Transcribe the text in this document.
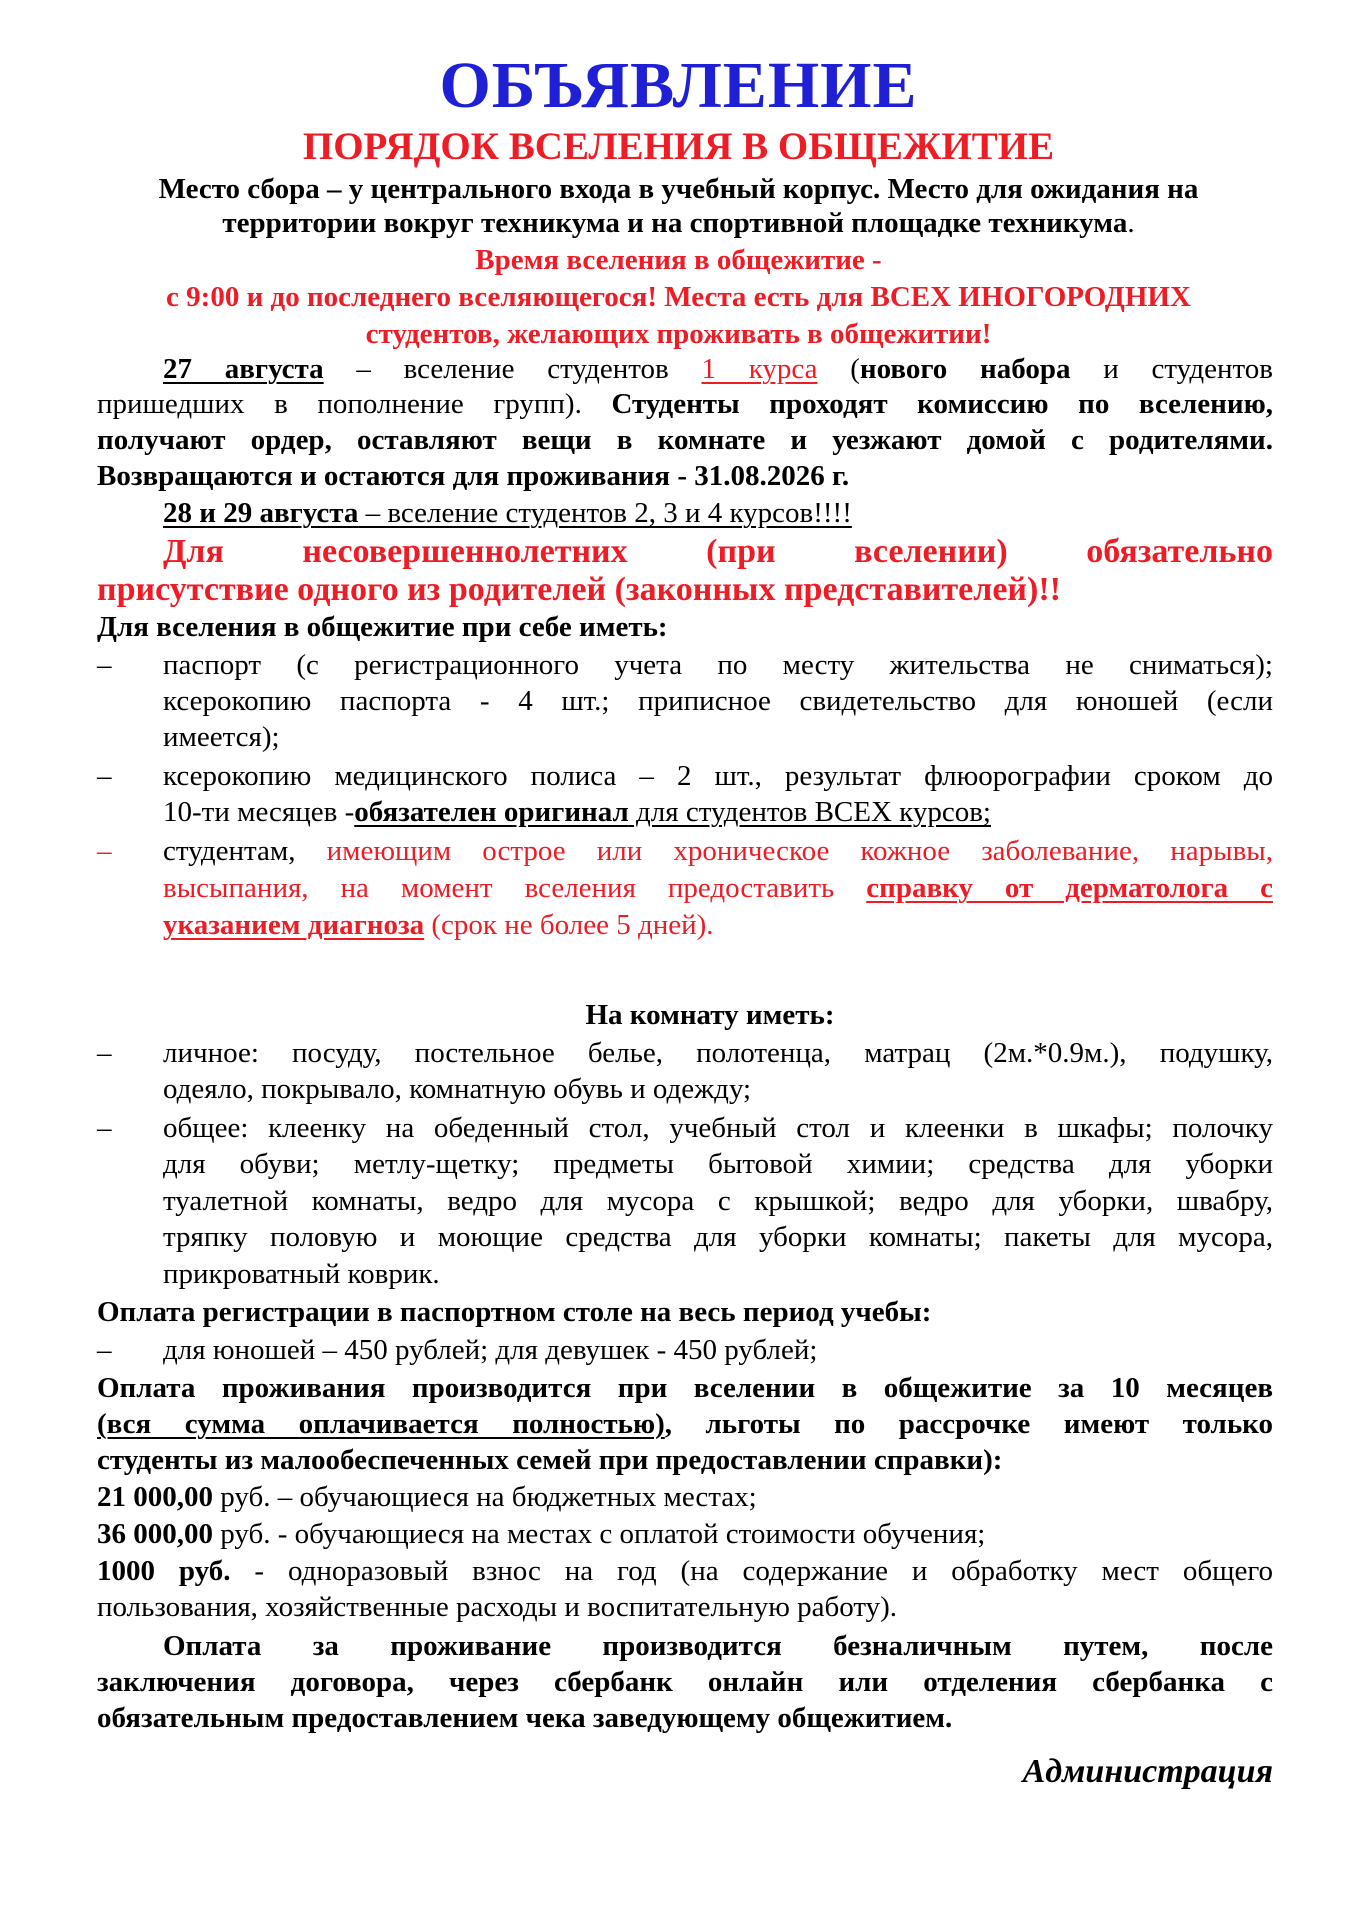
ОБЪЯВЛЕНИЕ
ПОРЯДОК ВСЕЛЕНИЯ В ОБЩЕЖИТИЕ
Место сбора – у центрального входа в учебный корпус. Место для ожидания на
территории вокруг техникума и на спортивной площадке техникума.
Время вселения в общежитие -
с 9:00 и до последнего вселяющегося! Места есть для ВСЕХ ИНОГОРОДНИХ
студентов, желающих проживать в общежитии!
27 августа – вселение студентов 1 курса (нового набора и студентов
пришедших в пополнение групп). Студенты проходят комиссию по вселению,
получают ордер, оставляют вещи в комнате и уезжают домой с родителями.
Возвращаются и остаются для проживания - 31.08.2026 г.
28 и 29 августа – вселение студентов 2, 3 и 4 курсов!!!!
Для несовершеннолетних (при вселении) обязательно
присутствие одного из родителей (законных представителей)!!
Для вселения в общежитие при себе иметь:
– паспорт (с регистрационного учета по месту жительства не сниматься);
ксерокопию паспорта - 4 шт.; приписное свидетельство для юношей (если
имеется);
– ксерокопию медицинского полиса – 2 шт., результат флюорографии сроком до
10-ти месяцев -обязателен оригинал для студентов ВСЕХ курсов;
– студентам, имеющим острое или хроническое кожное заболевание, нарывы,
высыпания, на момент вселения предоставить справку от дерматолога с
указанием диагноза (срок не более 5 дней).
На комнату иметь:
– личное: посуду, постельное белье, полотенца, матрац (2м.*0.9м.), подушку,
одеяло, покрывало, комнатную обувь и одежду;
– общее: клеенку на обеденный стол, учебный стол и клеенки в шкафы; полочку
для обуви; метлу-щетку; предметы бытовой химии; средства для уборки
туалетной комнаты, ведро для мусора с крышкой; ведро для уборки, швабру,
тряпку половую и моющие средства для уборки комнаты; пакеты для мусора,
прикроватный коврик.
Оплата регистрации в паспортном столе на весь период учебы:
– для юношей – 450 рублей; для девушек - 450 рублей;
Оплата проживания производится при вселении в общежитие за 10 месяцев
(вся сумма оплачивается полностью), льготы по рассрочке имеют только
студенты из малообеспеченных семей при предоставлении справки):
21 000,00 руб. – обучающиеся на бюджетных местах;
36 000,00 руб. - обучающиеся на местах с оплатой стоимости обучения;
1000 руб. - одноразовый взнос на год (на содержание и обработку мест общего
пользования, хозяйственные расходы и воспитательную работу).
Оплата за проживание производится безналичным путем, после
заключения договора, через сбербанк онлайн или отделения сбербанка с
обязательным предоставлением чека заведующему общежитием.
Администрация
